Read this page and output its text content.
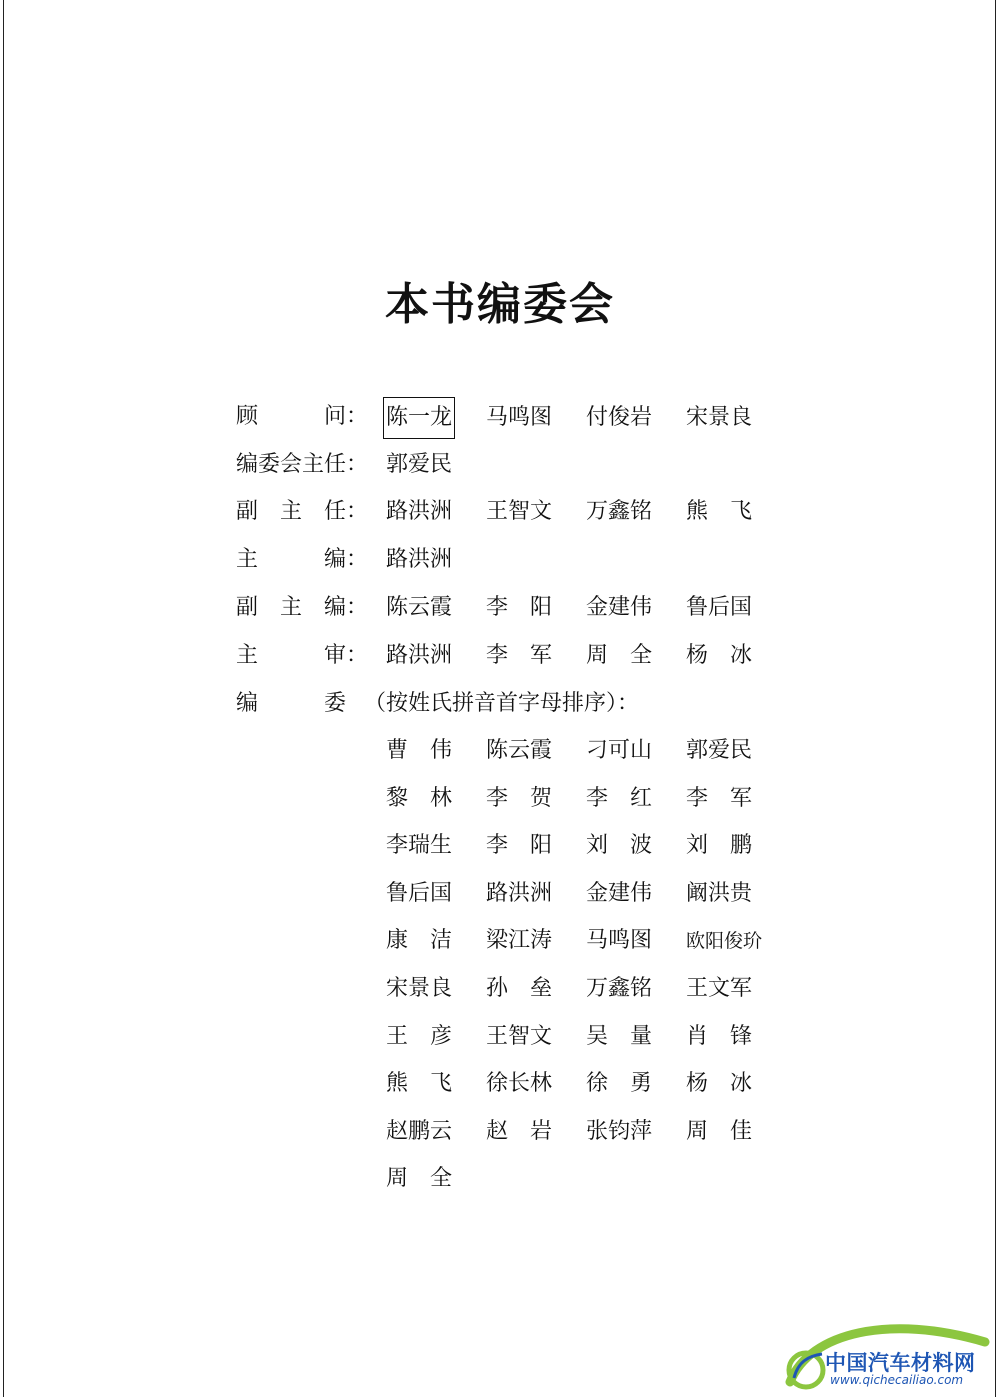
本书编委会
顾　　　问： 陈一龙 马鸣图 付俊岩 宋景良
编委会主任： 郭爱民
副　主　任： 路洪洲 王智文 万鑫铭 熊　飞
主　　　编： 路洪洲
副　主　编： 陈云霞 李　阳 金建伟 鲁后国
主　　　审： 路洪洲 李　军 周　全 杨　冰
编　　　委 （按姓氏拼音首字母排序）：
曹　伟 陈云霞 刁可山 郭爱民
黎　林 李　贺 李　红 李　军
李瑞生 李　阳 刘　波 刘　鹏
鲁后国 路洪洲 金建伟 阚洪贵
康　洁 梁江涛 马鸣图 欧阳俊玠
宋景良 孙　垒 万鑫铭 王文军
王　彦 王智文 吴　量 肖　锋
熊　飞 徐长林 徐　勇 杨　冰
赵鹏云 赵　岩 张钧萍 周　佳
周　全
中国汽车材料网
www.qichecailiao.com
